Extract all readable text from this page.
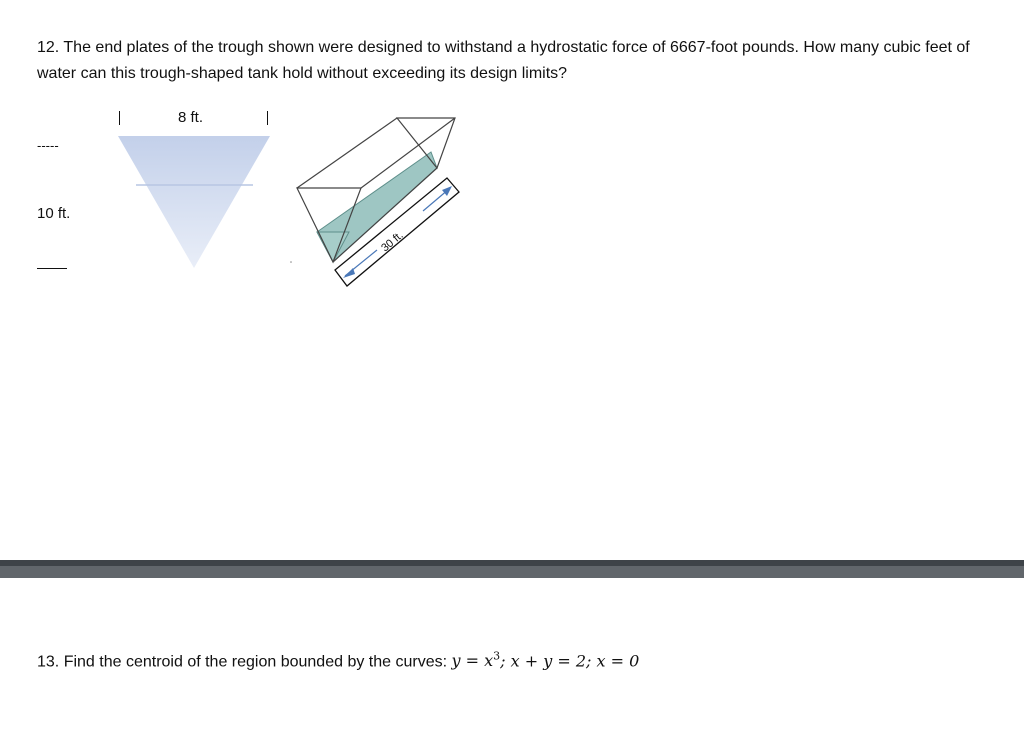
12. The end plates of the trough shown were designed to withstand a hydrostatic force of 6667-foot pounds. How many cubic feet of water can this trough-shaped tank hold without exceeding its design limits?

8 ft.
-----
10 ft.
30 ft.

13. Find the centroid of the region bounded by the curves: $y = x^3$; x + y = 2; x = 0
